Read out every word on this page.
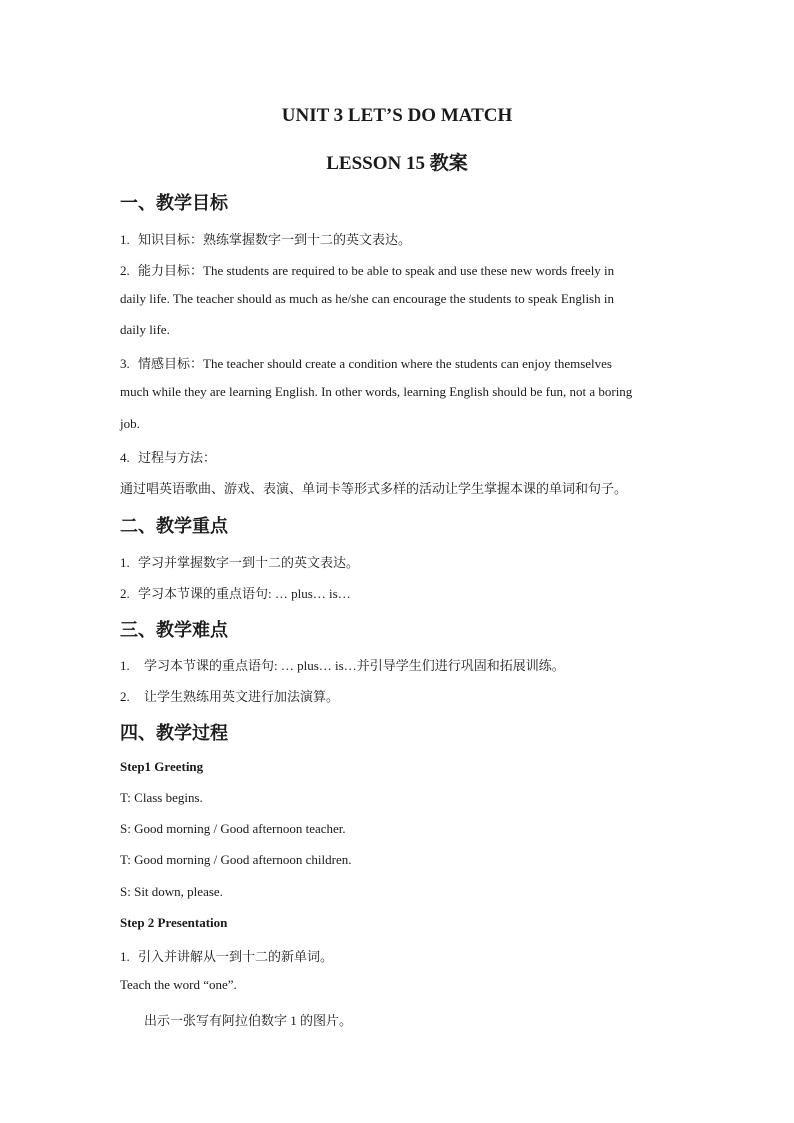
UNIT 3 LET’S DO MATCH
LESSON 15 教案
一、教学目标
1. 知识目标：熟练掌握数字一到十二的英文表达。
2. 能力目标：The students are required to be able to speak and use these new words freely in
daily life. The teacher should as much as he/she can encourage the students to speak English in
daily life.
3. 情感目标：The teacher should create a condition where the students can enjoy themselves
much while they are learning English. In other words, learning English should be fun, not a boring
job.
4. 过程与方法：
通过唱英语歌曲、游戏、表演、单词卡等形式多样的活动让学生掌握本课的单词和句子。
二、教学重点
1. 学习并掌握数字一到十二的英文表达。
2. 学习本节课的重点语句: … plus… is…
三、教学难点
1. 学习本节课的重点语句: … plus… is…并引导学生们进行巩固和拓展训练。
2. 让学生熟练用英文进行加法演算。
四、教学过程
Step1 Greeting
T: Class begins.
S: Good morning / Good afternoon teacher.
T: Good morning / Good afternoon children.
S: Sit down, please.
Step 2 Presentation
1. 引入并讲解从一到十二的新单词。
Teach the word “one”.
出示一张写有阿拉伯数字 1 的图片。
